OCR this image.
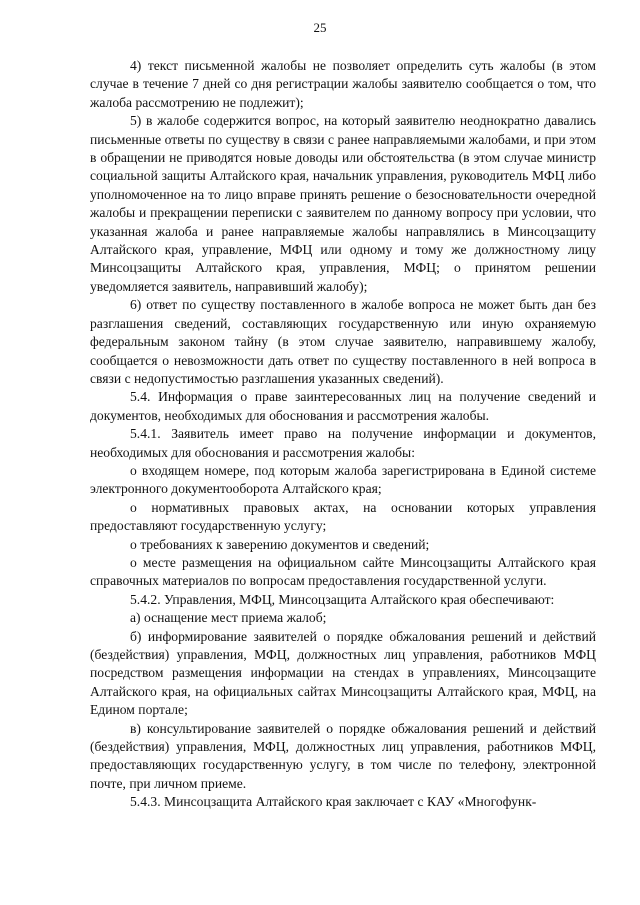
25

4) текст письменной жалобы не позволяет определить суть жалобы (в этом случае в течение 7 дней со дня регистрации жалобы заявителю сообщается о том, что жалоба рассмотрению не подлежит);

5) в жалобе содержится вопрос, на который заявителю неоднократно давались письменные ответы по существу в связи с ранее направляемыми жалобами, и при этом в обращении не приводятся новые доводы или обстоятельства (в этом случае министр социальной защиты Алтайского края, начальник управления, руководитель МФЦ либо уполномоченное на то лицо вправе принять решение о безосновательности очередной жалобы и прекращении переписки с заявителем по данному вопросу при условии, что указанная жалоба и ранее направляемые жалобы направлялись в Минсоцзащиту Алтайского края, управление, МФЦ или одному и тому же должностному лицу Минсоцзащиты Алтайского края, управления, МФЦ; о принятом решении уведомляется заявитель, направивший жалобу);

6) ответ по существу поставленного в жалобе вопроса не может быть дан без разглашения сведений, составляющих государственную или иную охраняемую федеральным законом тайну (в этом случае заявителю, направившему жалобу, сообщается о невозможности дать ответ по существу поставленного в ней вопроса в связи с недопустимостью разглашения указанных сведений).

5.4. Информация о праве заинтересованных лиц на получение сведений и документов, необходимых для обоснования и рассмотрения жалобы.

5.4.1. Заявитель имеет право на получение информации и документов, необходимых для обоснования и рассмотрения жалобы:

о входящем номере, под которым жалоба зарегистрирована в Единой системе электронного документооборота Алтайского края;

о нормативных правовых актах, на основании которых управления предоставляют государственную услугу;

о требованиях к заверению документов и сведений;

о месте размещения на официальном сайте Минсоцзащиты Алтайского края справочных материалов по вопросам предоставления государственной услуги.

5.4.2. Управления, МФЦ, Минсоцзащита Алтайского края обеспечивают:

а) оснащение мест приема жалоб;

б) информирование заявителей о порядке обжалования решений и действий (бездействия) управления, МФЦ, должностных лиц управления, работников МФЦ посредством размещения информации на стендах в управлениях, Минсоцзащите Алтайского края, на официальных сайтах Минсоцзащиты Алтайского края, МФЦ, на Едином портале;

в) консультирование заявителей о порядке обжалования решений и действий (бездействия) управления, МФЦ, должностных лиц управления, работников МФЦ, предоставляющих государственную услугу, в том числе по телефону, электронной почте, при личном приеме.

5.4.3. Минсоцзащита Алтайского края заключает с КАУ «Многофунк-
